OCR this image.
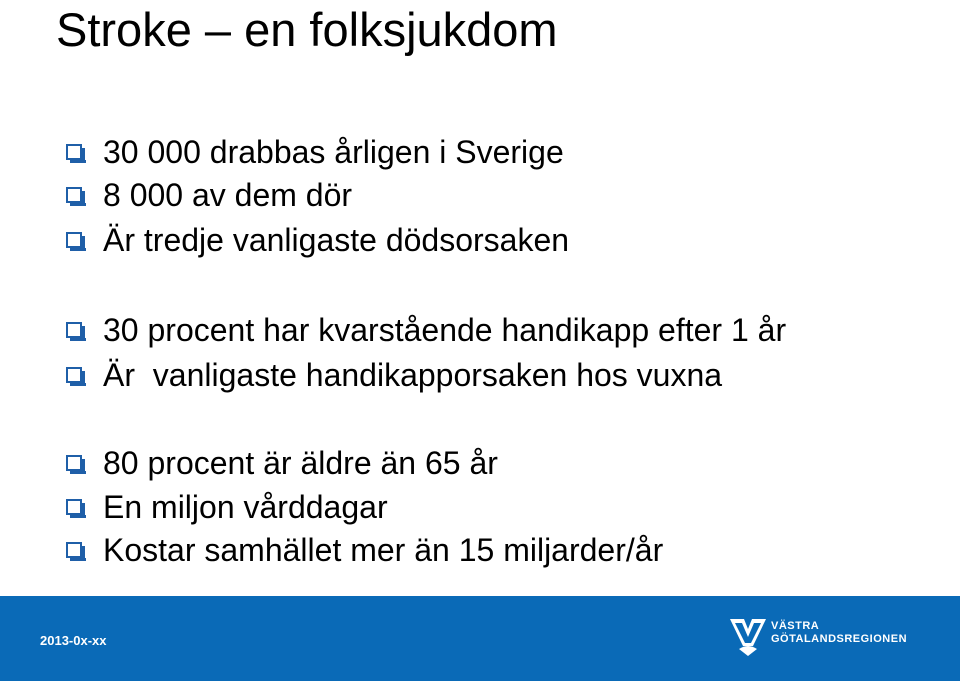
Stroke – en folksjukdom
30 000 drabbas årligen i Sverige
8 000 av dem dör
Är tredje vanligaste dödsorsaken
30 procent har kvarstående handikapp efter 1 år
Är  vanligaste handikapporsaken hos vuxna
80 procent är äldre än 65 år
En miljon vårddagar
Kostar samhället mer än 15 miljarder/år
2013-0x-xx
VÄSTRA
GÖTALANDSREGIONEN
